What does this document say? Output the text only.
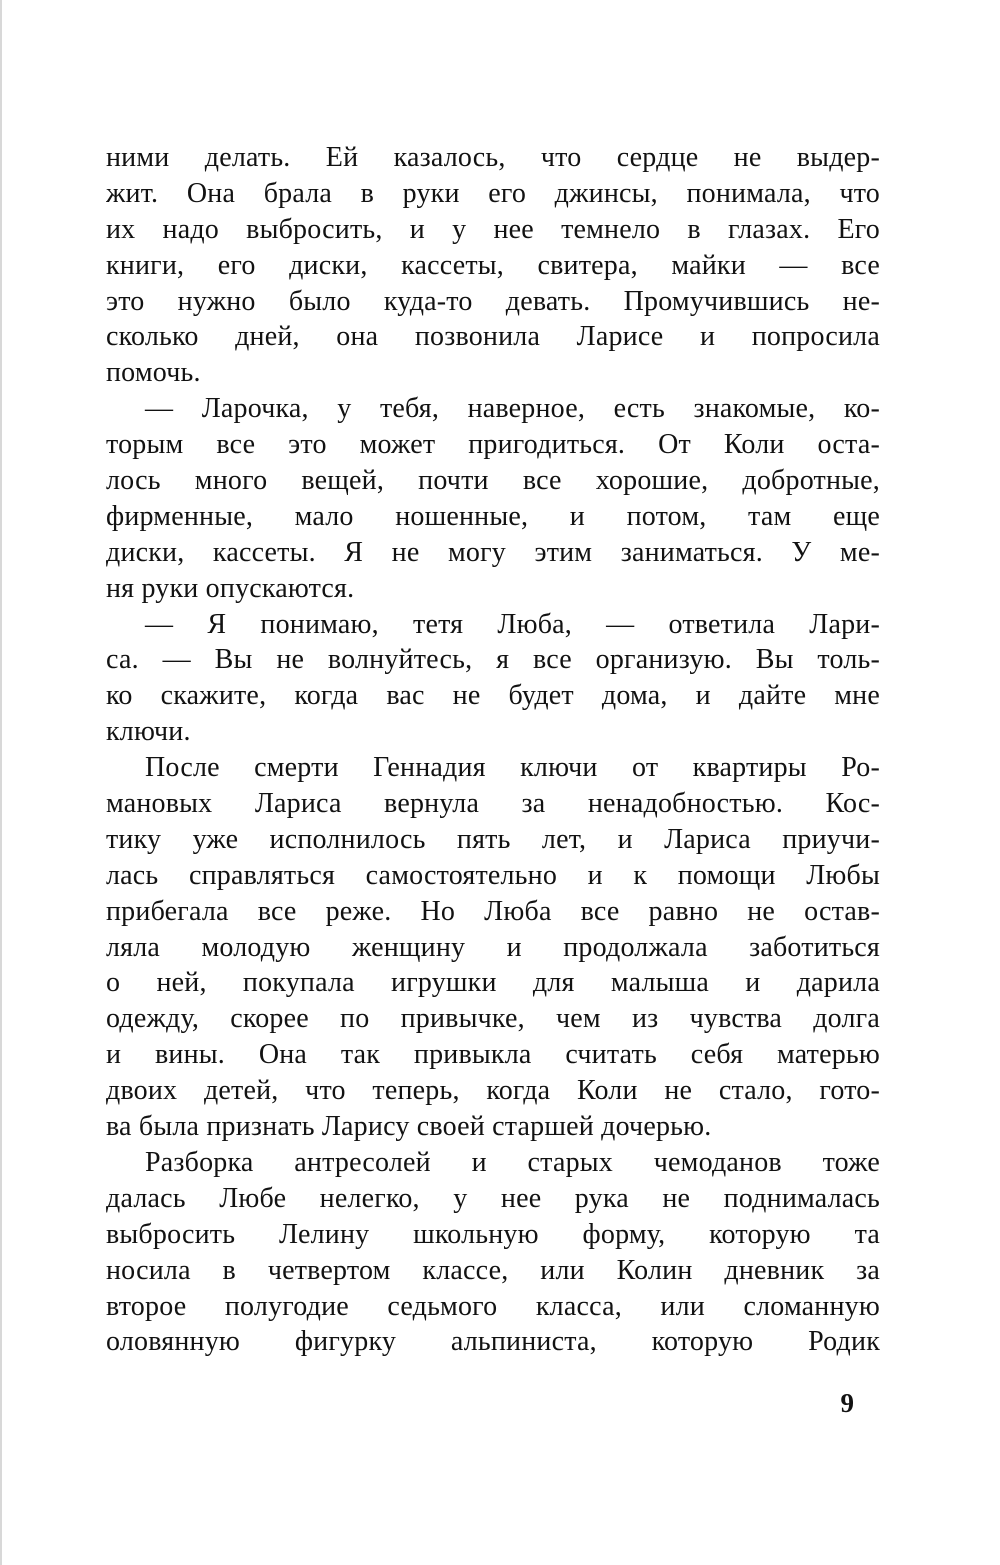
ними делать. Ей казалось, что сердце не выдер-
жит. Она брала в руки его джинсы, понимала, что
их надо выбросить, и у нее темнело в глазах. Его
книги, его диски, кассеты, свитера, майки — все
это нужно было куда-то девать. Промучившись не-
сколько дней, она позвонила Ларисе и попросила
помочь.
— Ларочка, у тебя, наверное, есть знакомые, ко-
торым все это может пригодиться. От Коли оста-
лось много вещей, почти все хорошие, добротные,
фирменные, мало ношенные, и потом, там еще
диски, кассеты. Я не могу этим заниматься. У ме-
ня руки опускаются.
— Я понимаю, тетя Люба, — ответила Лари-
са. — Вы не волнуйтесь, я все организую. Вы толь-
ко скажите, когда вас не будет дома, и дайте мне
ключи.
После смерти Геннадия ключи от квартиры Ро-
мановых Лариса вернула за ненадобностью. Кос-
тику уже исполнилось пять лет, и Лариса приучи-
лась справляться самостоятельно и к помощи Любы
прибегала все реже. Но Люба все равно не остав-
ляла молодую женщину и продолжала заботиться
о ней, покупала игрушки для малыша и дарила
одежду, скорее по привычке, чем из чувства долга
и вины. Она так привыкла считать себя матерью
двоих детей, что теперь, когда Коли не стало, гото-
ва была признать Ларису своей старшей дочерью.
Разборка антресолей и старых чемоданов тоже
далась Любе нелегко, у нее рука не поднималась
выбросить Лелину школьную форму, которую та
носила в четвертом классе, или Колин дневник за
второе полугодие седьмого класса, или сломанную
оловянную фигурку альпиниста, которую Родик
9
